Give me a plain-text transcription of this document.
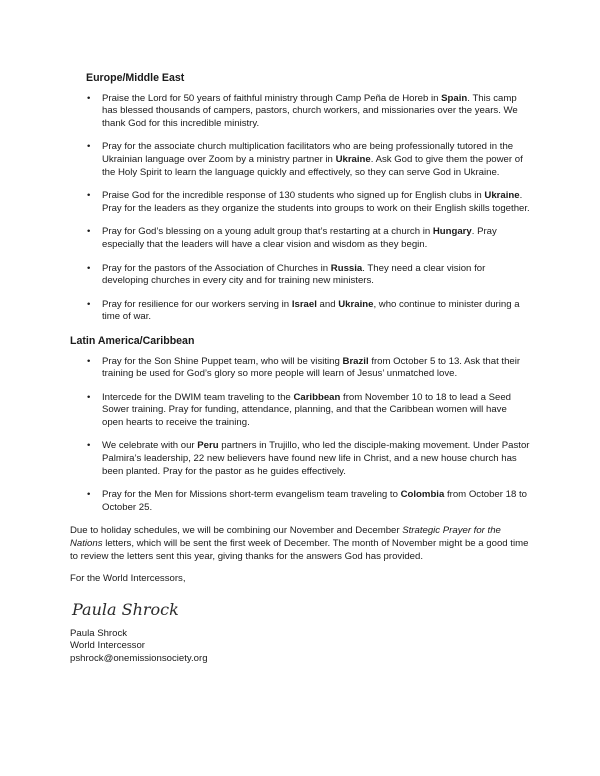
Europe/Middle East
• Praise the Lord for 50 years of faithful ministry through Camp Peña de Horeb in Spain. This camp has blessed thousands of campers, pastors, church workers, and missionaries over the years. We thank God for this incredible ministry.
• Pray for the associate church multiplication facilitators who are being professionally tutored in the Ukrainian language over Zoom by a ministry partner in Ukraine. Ask God to give them the power of the Holy Spirit to learn the language quickly and effectively, so they can serve God in Ukraine.
• Praise God for the incredible response of 130 students who signed up for English clubs in Ukraine. Pray for the leaders as they organize the students into groups to work on their English skills together.
• Pray for God’s blessing on a young adult group that’s restarting at a church in Hungary. Pray especially that the leaders will have a clear vision and wisdom as they begin.
• Pray for the pastors of the Association of Churches in Russia. They need a clear vision for developing churches in every city and for training new ministers.
• Pray for resilience for our workers serving in Israel and Ukraine, who continue to minister during a time of war.
Latin America/Caribbean
• Pray for the Son Shine Puppet team, who will be visiting Brazil from October 5 to 13. Ask that their training be used for God’s glory so more people will learn of Jesus’ unmatched love.
• Intercede for the DWIM team traveling to the Caribbean from November 10 to 18 to lead a Seed Sower training. Pray for funding, attendance, planning, and that the Caribbean women will have open hearts to receive the training.
• We celebrate with our Peru partners in Trujillo, who led the disciple-making movement. Under Pastor Palmira’s leadership, 22 new believers have found new life in Christ, and a new house church has been planted. Pray for the pastor as he guides effectively.
• Pray for the Men for Missions short-term evangelism team traveling to Colombia from October 18 to October 25.

Due to holiday schedules, we will be combining our November and December Strategic Prayer for the Nations letters, which will be sent the first week of December. The month of November might be a good time to review the letters sent this year, giving thanks for the answers God has provided.

For the World Intercessors,

Paula Shrock
Paula Shrock
World Intercessor
pshrock@onemissionsociety.org
